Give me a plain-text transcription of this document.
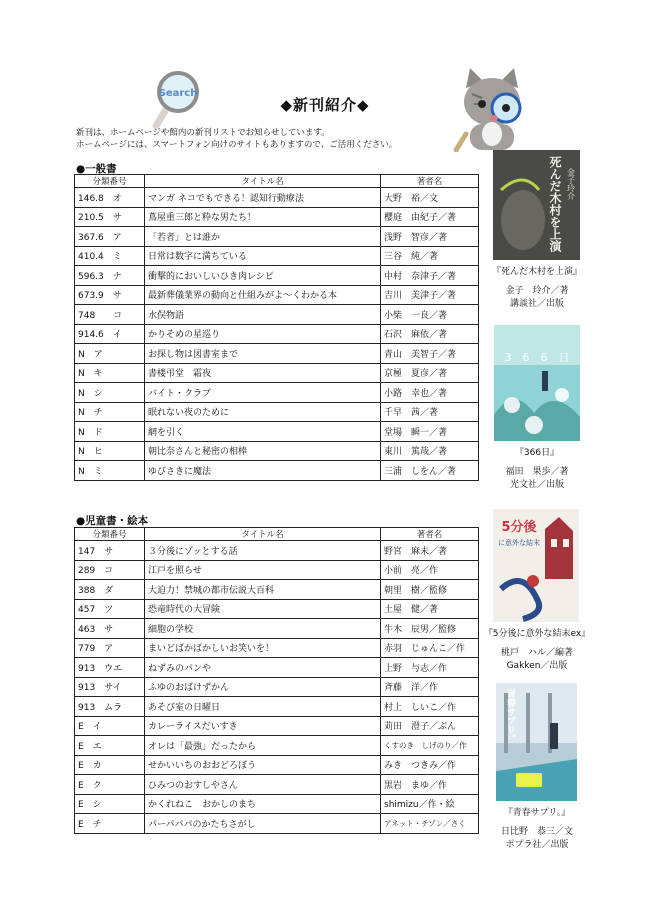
Search
◆新刊紹介◆
新刊は、ホームページや館内の新刊リストでお知らせしています。
ホームページには、スマートフォン向けのサイトもありますので、ご活用ください。
●一般書
分類番号	タイトル名	著者名
146.8　オ	マンガ ネコでもできる！認知行動療法	大野　裕／文
210.5　サ	蔦屋重三郎と粋な男たち！	櫻庭　由紀子／著
367.6　ア	「若者」とは誰か	浅野　智彦／著
410.4　ミ	日常は数字に満ちている	三谷　純／著
596.3　ナ	衝撃的においしいひき肉レシピ	中村　奈津子／著
673.9　サ	最新葬儀業界の動向と仕組みがよ～くわかる本	吉川　美津子／著
748　　コ	水俣物語	小柴　一良／著
914.6　イ	かりそめの星巡り	石沢　麻依／著
N　ア	お探し物は図書室まで	青山　美智子／著
N　キ	書楼弔堂　霜夜	京極　夏彦／著
N　シ	バイト・クラブ	小路　幸也／著
N　チ	眠れない夜のために	千早　茜／著
N　ド	網を引く	堂場　瞬一／著
N　ヒ	朝比奈さんと秘密の相棒	東川　篤哉／著
N　ミ	ゆびさきに魔法	三浦　しをん／著
●児童書・絵本
分類番号	タイトル名	著者名
147　サ	３分後にゾッとする話	野宮　麻未／著
289　コ	江戸を照らせ	小前　亮／作
388　ダ	大迫力！禁城の都市伝説大百科	朝里　樹／監修
457　ツ	恐竜時代の大冒険	土屋　健／著
463　サ	細胞の学校	牛木　辰男／監修
779　ア	まいどばかばかしいお笑いを！	赤羽　じゅんこ／作
913　ウエ	ねずみのパンや	上野　与志／作
913　サイ	ふゆのおばけずかん	斉藤　洋／作
913　ムラ	あそび室の日曜日	村上　しいこ／作
E　イ	カレーライスだいすき	苅田　澄子／ぶん
E　エ	オレは「最強」だったから	くすのき　しげのり／作
E　カ	せかいいちのおおどろぼう	みき　つきみ／作
E　ク	ひみつのおすしやさん	黒岩　まゆ／作
E　シ	かくれねこ　おかしのまち	shimizu／作・絵
E　チ	パーパパパのかたちさがし	アネット・チゾン／さく
金子玲介
死んだ木村を上演
『死んだ木村を上演』
金子　玲介／著
講談社／出版
3　6　6　日
『366日』
福田　果歩／著
光文社／出版
5分後
に意外な結末
『5分後に意外な結末ex』
桃戸　ハル／編著
Gakken／出版
青春サプリ。
『青春サプリ。』
日比野　恭三／文
ポプラ社／出版
